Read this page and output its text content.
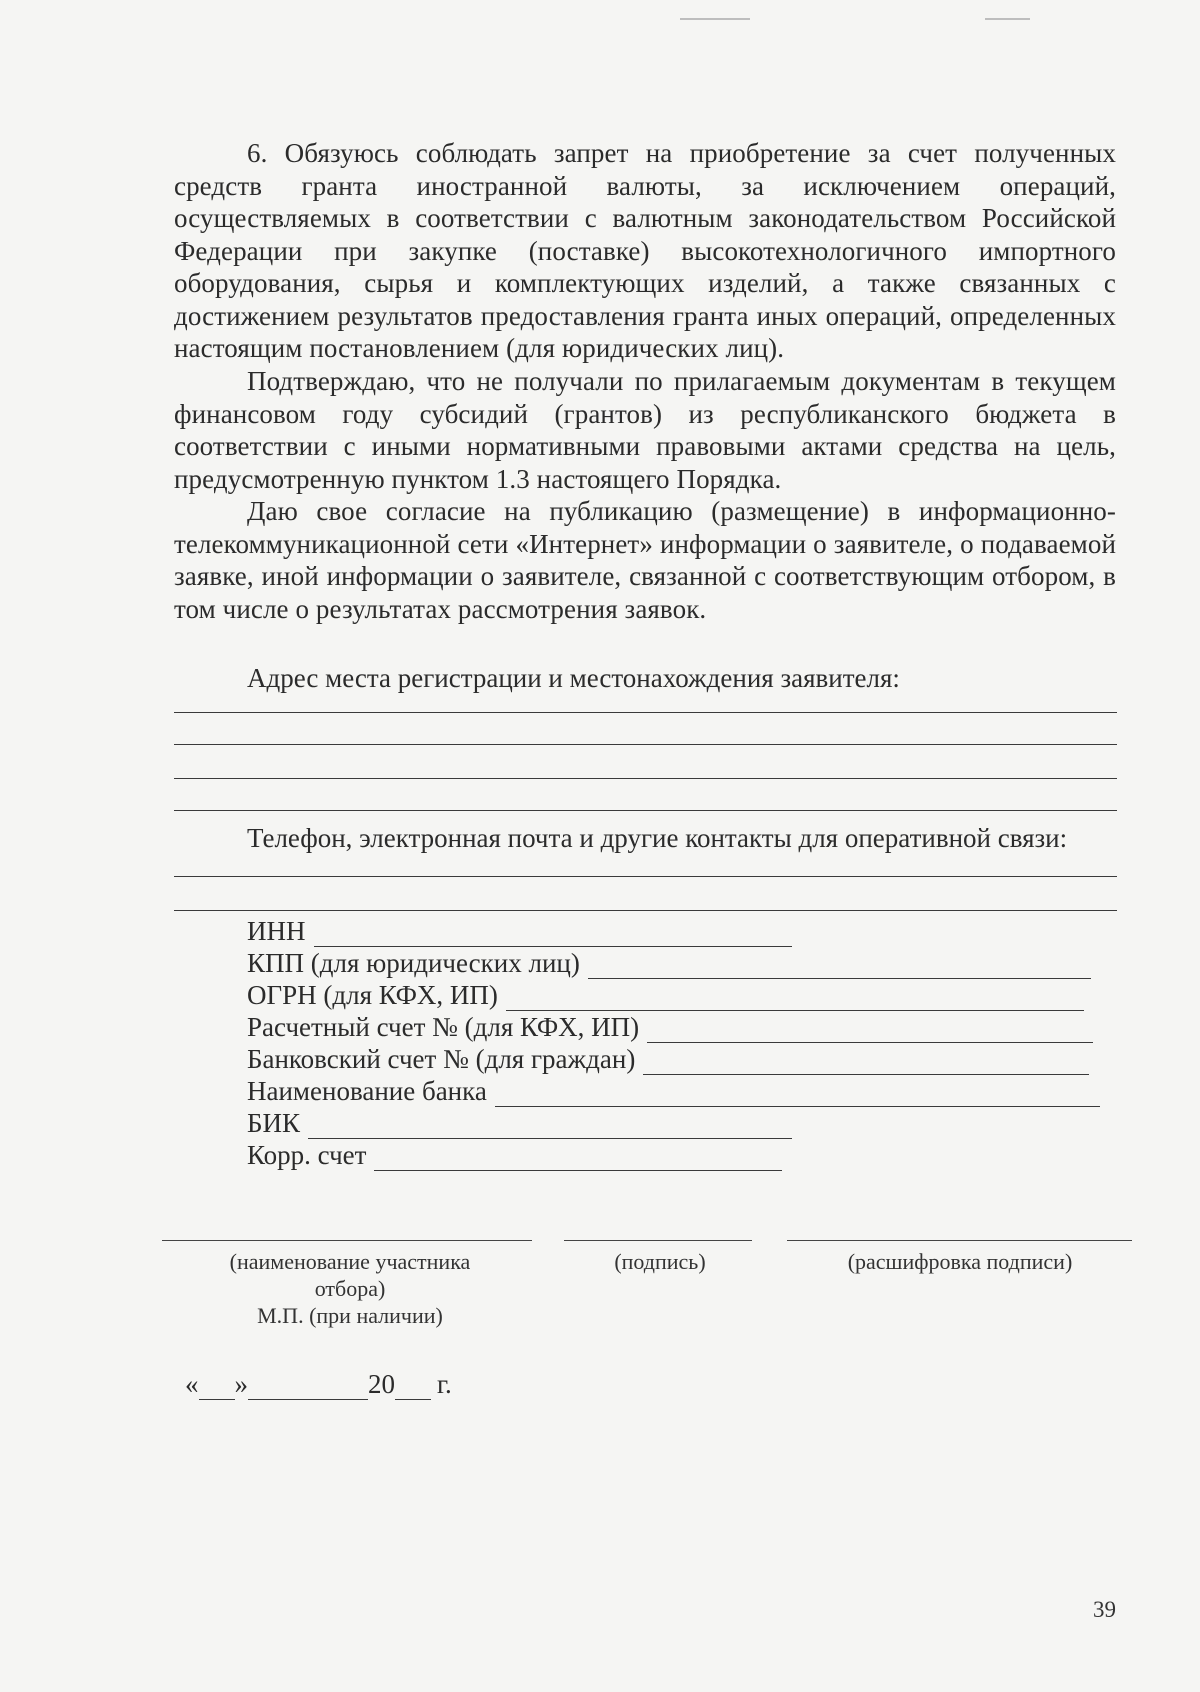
6. Обязуюсь соблюдать запрет на приобретение за счет полученных средств гранта иностранной валюты, за исключением операций, осуществляемых в соответствии с валютным законодательством Российской Федерации при закупке (поставке) высокотехнологичного импортного оборудования, сырья и комплектующих изделий, а также связанных с достижением результатов предоставления гранта иных операций, определенных настоящим постановлением (для юридических лиц).

Подтверждаю, что не получали по прилагаемым документам в текущем финансовом году субсидий (грантов) из республиканского бюджета в соответствии с иными нормативными правовыми актами средства на цель, предусмотренную пунктом 1.3 настоящего Порядка.

Даю свое согласие на публикацию (размещение) в информационно-телекоммуникационной сети «Интернет» информации о заявителе, о подаваемой заявке, иной информации о заявителе, связанной с соответствующим отбором, в том числе о результатах рассмотрения заявок.

Адрес места регистрации и местонахождения заявителя:
Телефон, электронная почта и другие контакты для оперативной связи:
ИНН
КПП (для юридических лиц)
ОГРН (для КФХ, ИП)
Расчетный счет № (для КФХ, ИП)
Банковский счет № (для граждан)
Наименование банка
БИК
Корр. счет
(наименование участника
отбора)
М.П. (при наличии)
(подпись)	(расшифровка подписи)
« »	20 г.
39
